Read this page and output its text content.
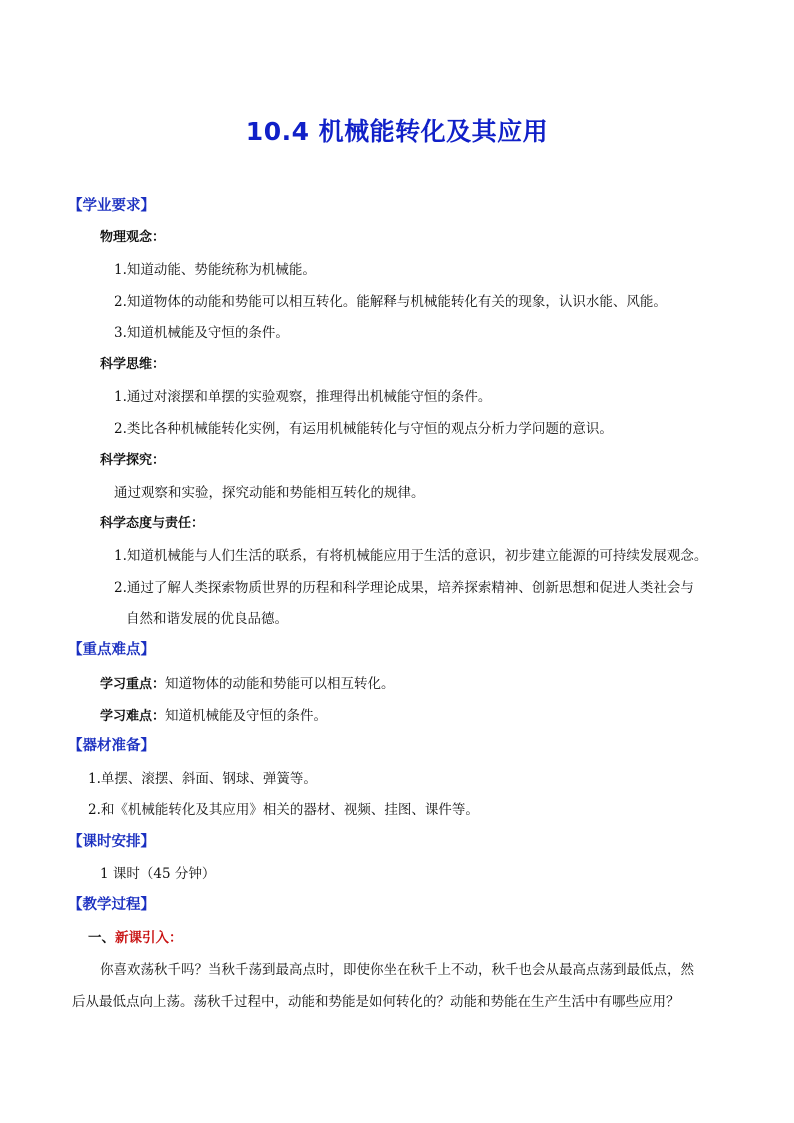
10.4 机械能转化及其应用
【学业要求】
物理观念：
1.知道动能、势能统称为机械能。
2.知道物体的动能和势能可以相互转化。能解释与机械能转化有关的现象，认识水能、风能。
3.知道机械能及守恒的条件。
科学思维：
1.通过对滚摆和单摆的实验观察，推理得出机械能守恒的条件。
2.类比各种机械能转化实例，有运用机械能转化与守恒的观点分析力学问题的意识。
科学探究：
通过观察和实验，探究动能和势能相互转化的规律。
科学态度与责任：
1.知道机械能与人们生活的联系，有将机械能应用于生活的意识，初步建立能源的可持续发展观念。
2.通过了解人类探索物质世界的历程和科学理论成果，培养探索精神、创新思想和促进人类社会与
自然和谐发展的优良品德。
【重点难点】
学习重点：知道物体的动能和势能可以相互转化。
学习难点：知道机械能及守恒的条件。
【器材准备】
1.单摆、滚摆、斜面、钢球、弹簧等。
2.和《机械能转化及其应用》相关的器材、视频、挂图、课件等。
【课时安排】
1 课时（45 分钟）
【教学过程】
一、新课引入：
你喜欢荡秋千吗？当秋千荡到最高点时，即使你坐在秋千上不动，秋千也会从最高点荡到最低点，然
后从最低点向上荡。荡秋千过程中，动能和势能是如何转化的？动能和势能在生产生活中有哪些应用？
